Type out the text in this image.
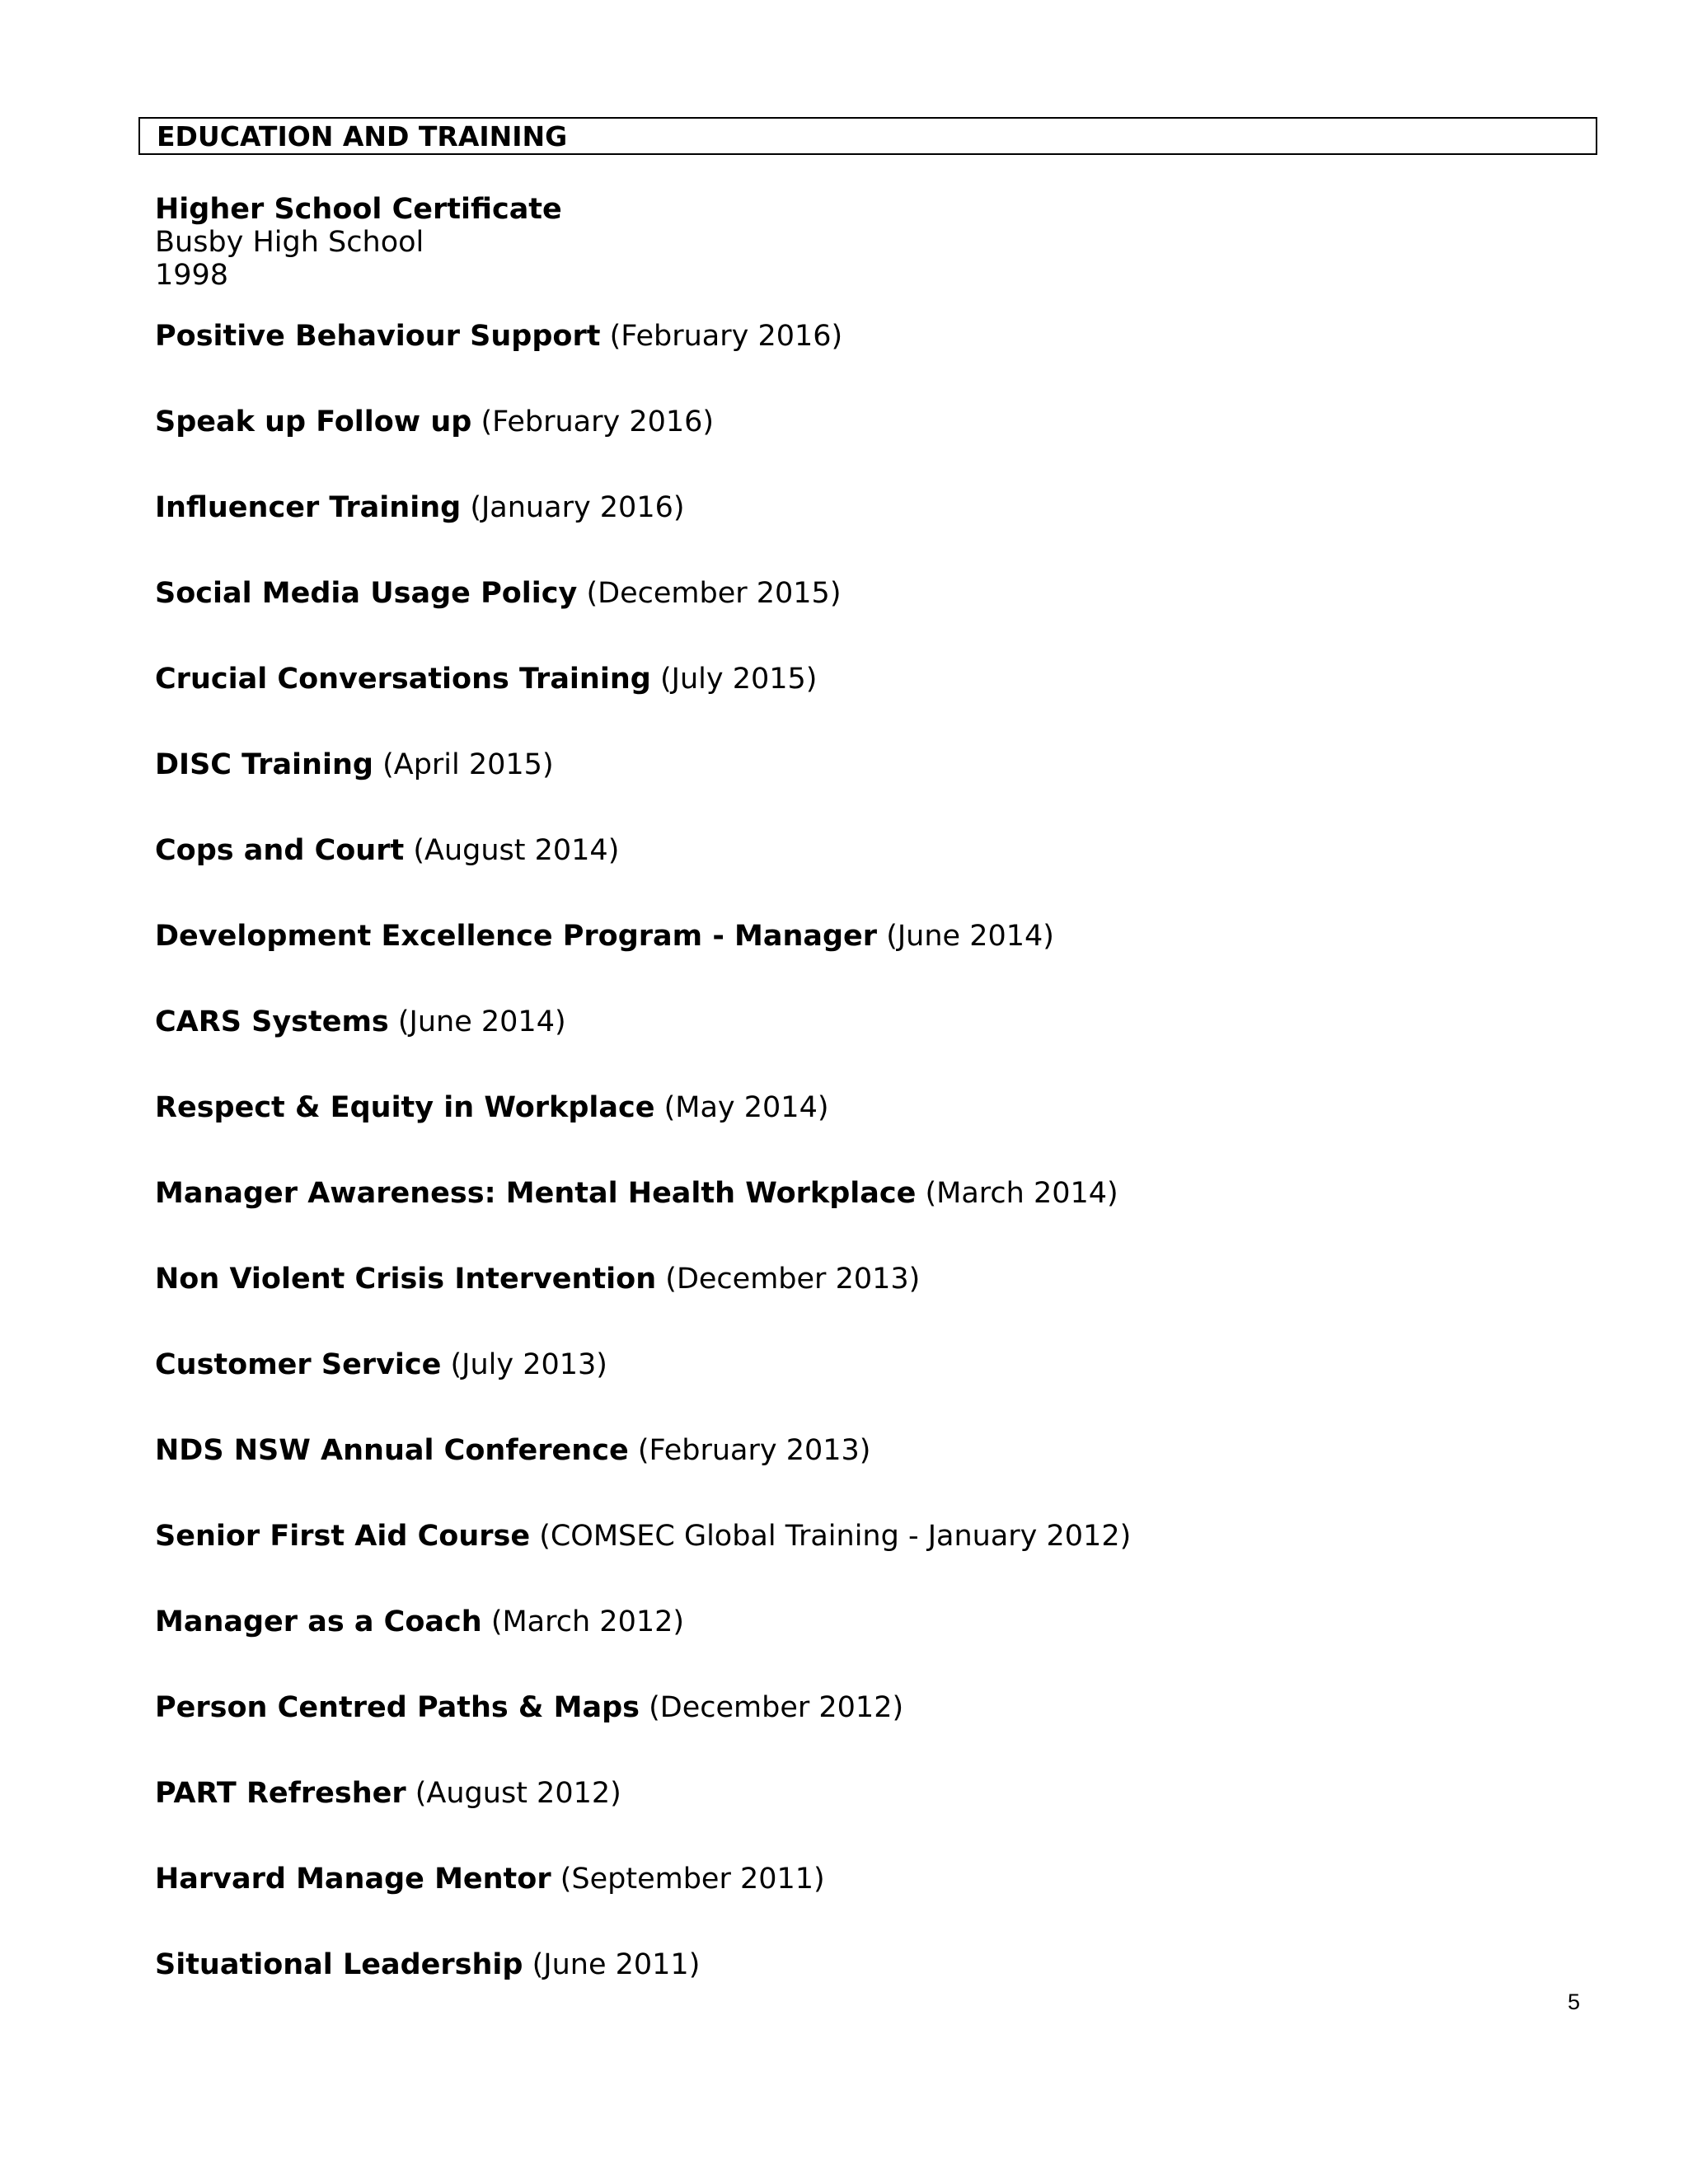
EDUCATION AND TRAINING
Higher School Certificate
Busby High School
1998
Positive Behaviour Support (February 2016)
Speak up Follow up (February 2016)
Influencer Training (January 2016)
Social Media Usage Policy (December 2015)
Crucial Conversations Training (July 2015)
DISC Training (April 2015)
Cops and Court (August 2014)
Development Excellence Program - Manager (June 2014)
CARS Systems (June 2014)
Respect & Equity in Workplace (May 2014)
Manager Awareness: Mental Health Workplace (March 2014)
Non Violent Crisis Intervention (December 2013)
Customer Service (July 2013)
NDS NSW Annual Conference (February 2013)
Senior First Aid Course (COMSEC Global Training - January 2012)
Manager as a Coach (March 2012)
Person Centred Paths & Maps (December 2012)
PART Refresher (August 2012)
Harvard Manage Mentor (September 2011)
Situational Leadership (June 2011)
5
